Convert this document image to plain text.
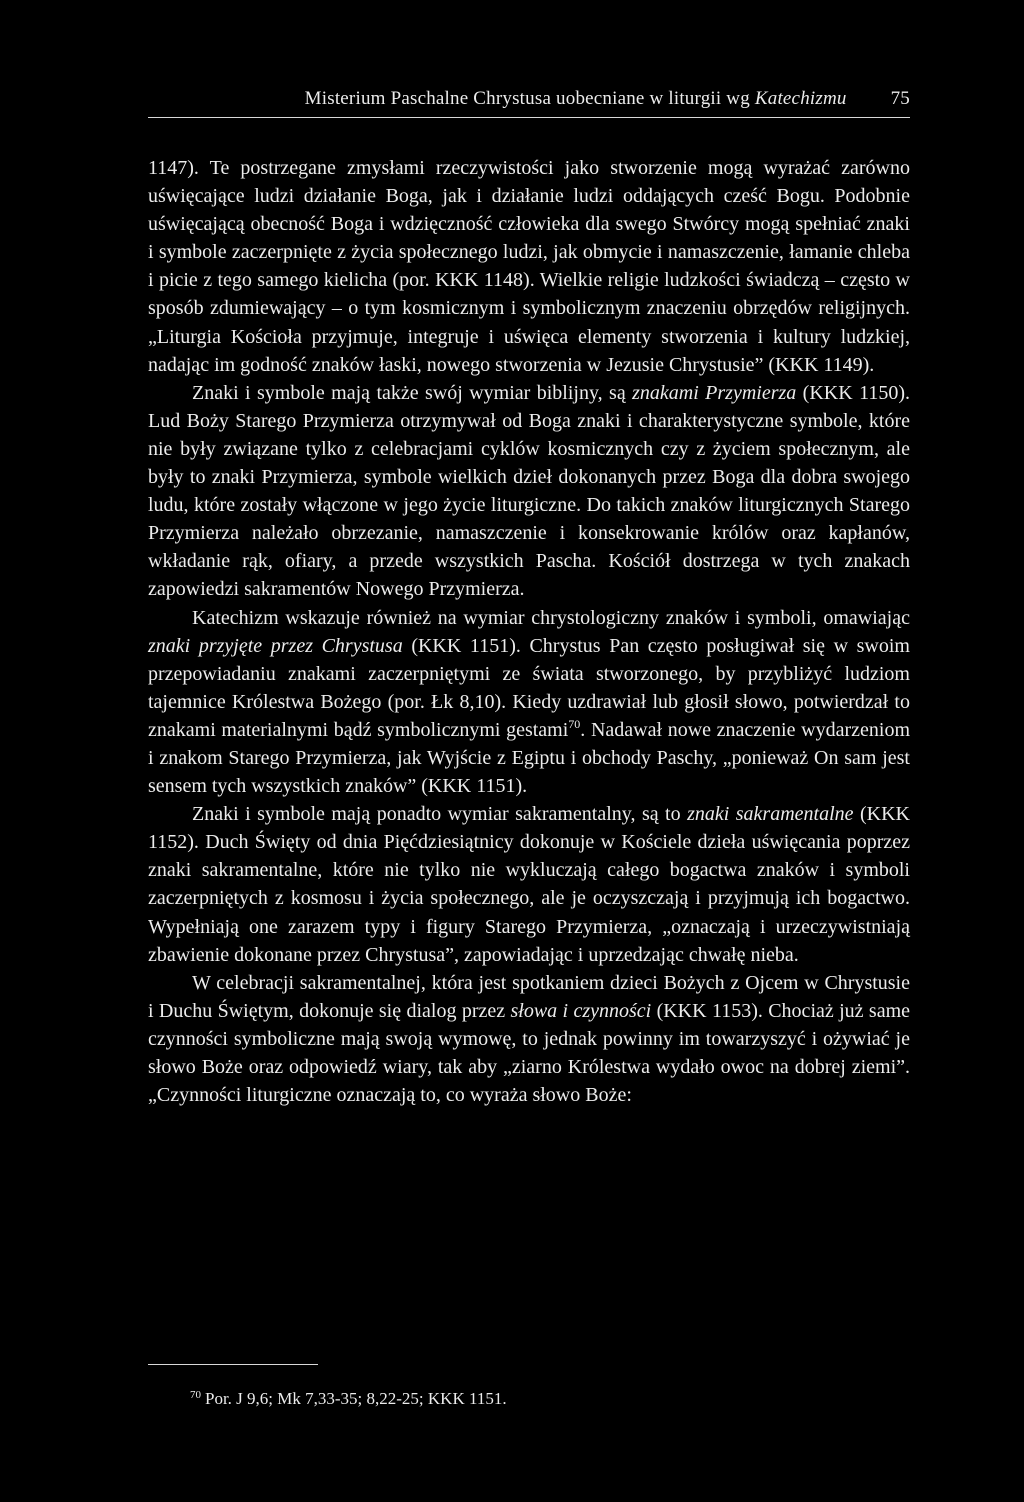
Misterium Paschalne Chrystusa uobecniane w liturgii wg Katechizmu 75

1147). Te postrzegane zmysłami rzeczywistości jako stworzenie mogą wyrażać zarówno uświęcające ludzi działanie Boga, jak i działanie ludzi oddających cześć Bogu. Podobnie uświęcającą obecność Boga i wdzięczność człowieka dla swego Stwórcy mogą spełniać znaki i symbole zaczerpnięte z życia społecznego ludzi, jak obmycie i namaszczenie, łamanie chleba i picie z tego samego kielicha (por. KKK 1148). Wielkie religie ludzkości świadczą – często w sposób zdumiewający – o tym kosmicznym i symbolicznym znaczeniu obrzędów religijnych. „Liturgia Kościoła przyjmuje, integruje i uświęca elementy stworzenia i kultury ludzkiej, nadając im godność znaków łaski, nowego stworzenia w Jezusie Chrystusie” (KKK 1149).

Znaki i symbole mają także swój wymiar biblijny, są znakami Przymierza (KKK 1150). Lud Boży Starego Przymierza otrzymywał od Boga znaki i charakterystyczne symbole, które nie były związane tylko z celebracjami cyklów kosmicznych czy z życiem społecznym, ale były to znaki Przymierza, symbole wielkich dzieł dokonanych przez Boga dla dobra swojego ludu, które zostały włączone w jego życie liturgiczne. Do takich znaków liturgicznych Starego Przymierza należało obrzezanie, namaszczenie i konsekrowanie królów oraz kapłanów, wkładanie rąk, ofiary, a przede wszystkich Pascha. Kościół dostrzega w tych znakach zapowiedzi sakramentów Nowego Przymierza.

Katechizm wskazuje również na wymiar chrystologiczny znaków i symboli, omawiając znaki przyjęte przez Chrystusa (KKK 1151). Chrystus Pan często posługiwał się w swoim przepowiadaniu znakami zaczerpniętymi ze świata stworzonego, by przybliżyć ludziom tajemnice Królestwa Bożego (por. Łk 8,10). Kiedy uzdrawiał lub głosił słowo, potwierdzał to znakami materialnymi bądź symbolicznymi gestami$^{70}$. Nadawał nowe znaczenie wydarzeniom i znakom Starego Przymierza, jak Wyjście z Egiptu i obchody Paschy, „ponieważ On sam jest sensem tych wszystkich znaków” (KKK 1151).

Znaki i symbole mają ponadto wymiar sakramentalny, są to znaki sakramentalne (KKK 1152). Duch Święty od dnia Pięćdziesiątnicy dokonuje w Kościele dzieła uświęcania poprzez znaki sakramentalne, które nie tylko nie wykluczają całego bogactwa znaków i symboli zaczerpniętych z kosmosu i życia społecznego, ale je oczyszczają i przyjmują ich bogactwo. Wypełniają one zarazem typy i figury Starego Przymierza, „oznaczają i urzeczywistniają zbawienie dokonane przez Chrystusa”, zapowiadając i uprzedzając chwałę nieba.

W celebracji sakramentalnej, która jest spotkaniem dzieci Bożych z Ojcem w Chrystusie i Duchu Świętym, dokonuje się dialog przez słowa i czynności (KKK 1153). Chociaż już same czynności symboliczne mają swoją wymowę, to jednak powinny im towarzyszyć i ożywiać je słowo Boże oraz odpowiedź wiary, tak aby „ziarno Królestwa wydało owoc na dobrej ziemi”. „Czynności liturgiczne oznaczają to, co wyraża słowo Boże:

$^{70}$ Por. J 9,6; Mk 7,33-35; 8,22-25; KKK 1151.
